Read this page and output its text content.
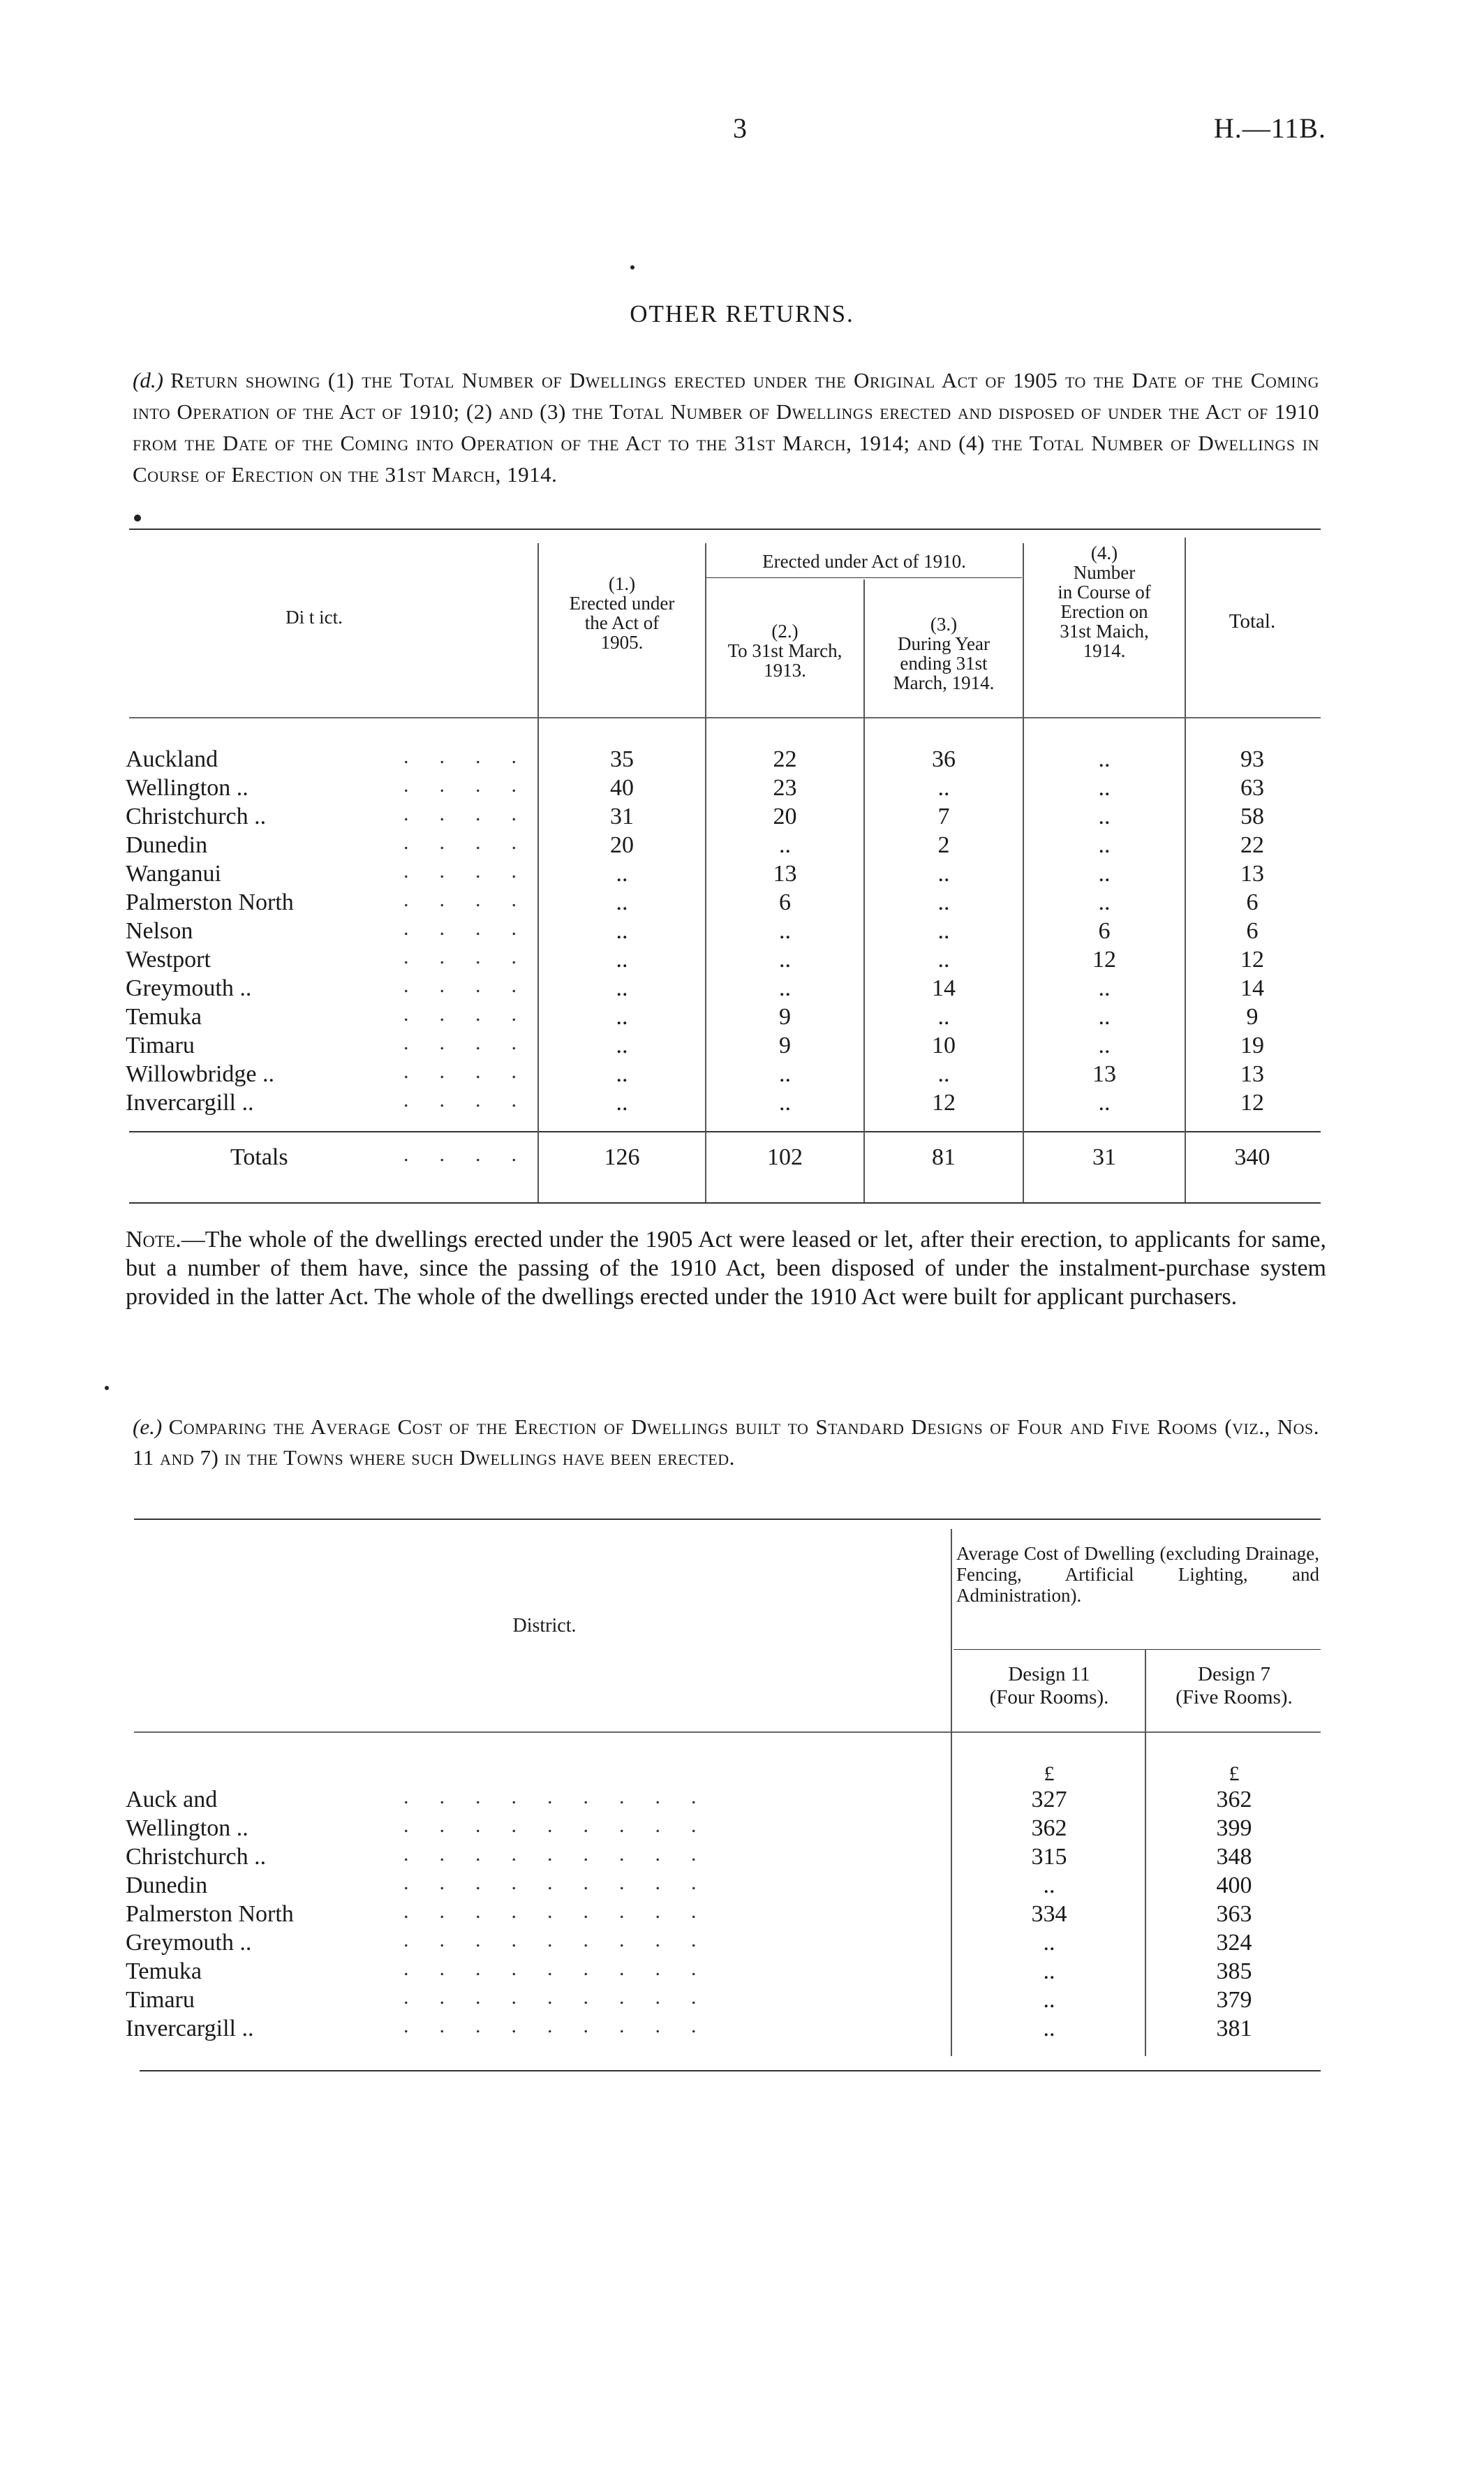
3	H.—11B.
OTHER RETURNS.
(d.) Return showing (1) the Total Number of Dwellings erected under the Original Act of 1905 to the Date of the Coming into Operation of the Act of 1910; (2) and (3) the Total Number of Dwellings erected and disposed of under the Act of 1910 from the Date of the Coming into Operation of the Act to the 31st March, 1914; and (4) the Total Number of Dwellings in Course of Erection on the 31st March, 1914.
Di t ict.
(1.)
Erected under
the Act of
1905.
Erected under Act of 1910.
(2.)
To 31st March,
1913.
(3.)
During Year
ending 31st
March, 1914.
(4.)
Number
in Course of
Erection on
31st Maich,
1914.
Total.
Auckland	....	35	22	36	..	93
Wellington ..	....	40	23	..	..	63
Christchurch ..	....	31	20	7	..	58
Dunedin	....	20	..	2	..	22
Wanganui	....	..	13	..	..	13
Palmerston North	....	..	6	..	..	6
Nelson	....	..	..	..	6	6
Westport	....	..	..	..	12	12
Greymouth ..	....	..	..	14	..	14
Temuka	....	..	9	..	..	9
Timaru	....	..	9	10	..	19
Willowbridge ..	....	..	..	..	13	13
Invercargill ..	....	..	..	12	..	12
Totals	....	126	102	81	31	340
Note.—The whole of the dwellings erected under the 1905 Act were leased or let, after their erection, to applicants for same, but a number of them have, since the passing of the 1910 Act, been disposed of under the instalment-purchase system provided in the latter Act. The whole of the dwellings erected under the 1910 Act were built for applicant purchasers.
(e.) Comparing the Average Cost of the Erection of Dwellings built to Standard Designs of Four and Five Rooms (viz., Nos. 11 and 7) in the Towns where such Dwellings have been erected.
District.
Average Cost of Dwelling (excluding Drainage, Fencing, Artificial Lighting, and Administration).
Design 11
(Four Rooms).
Design 7
(Five Rooms).
£	£
Auck and	.........	327	362
Wellington ..	.........	362	399
Christchurch ..	.........	315	348
Dunedin	.........	..	400
Palmerston North	.........	334	363
Greymouth ..	.........	..	324
Temuka	.........	..	385
Timaru	.........	..	379
Invercargill ..	.........	..	381
